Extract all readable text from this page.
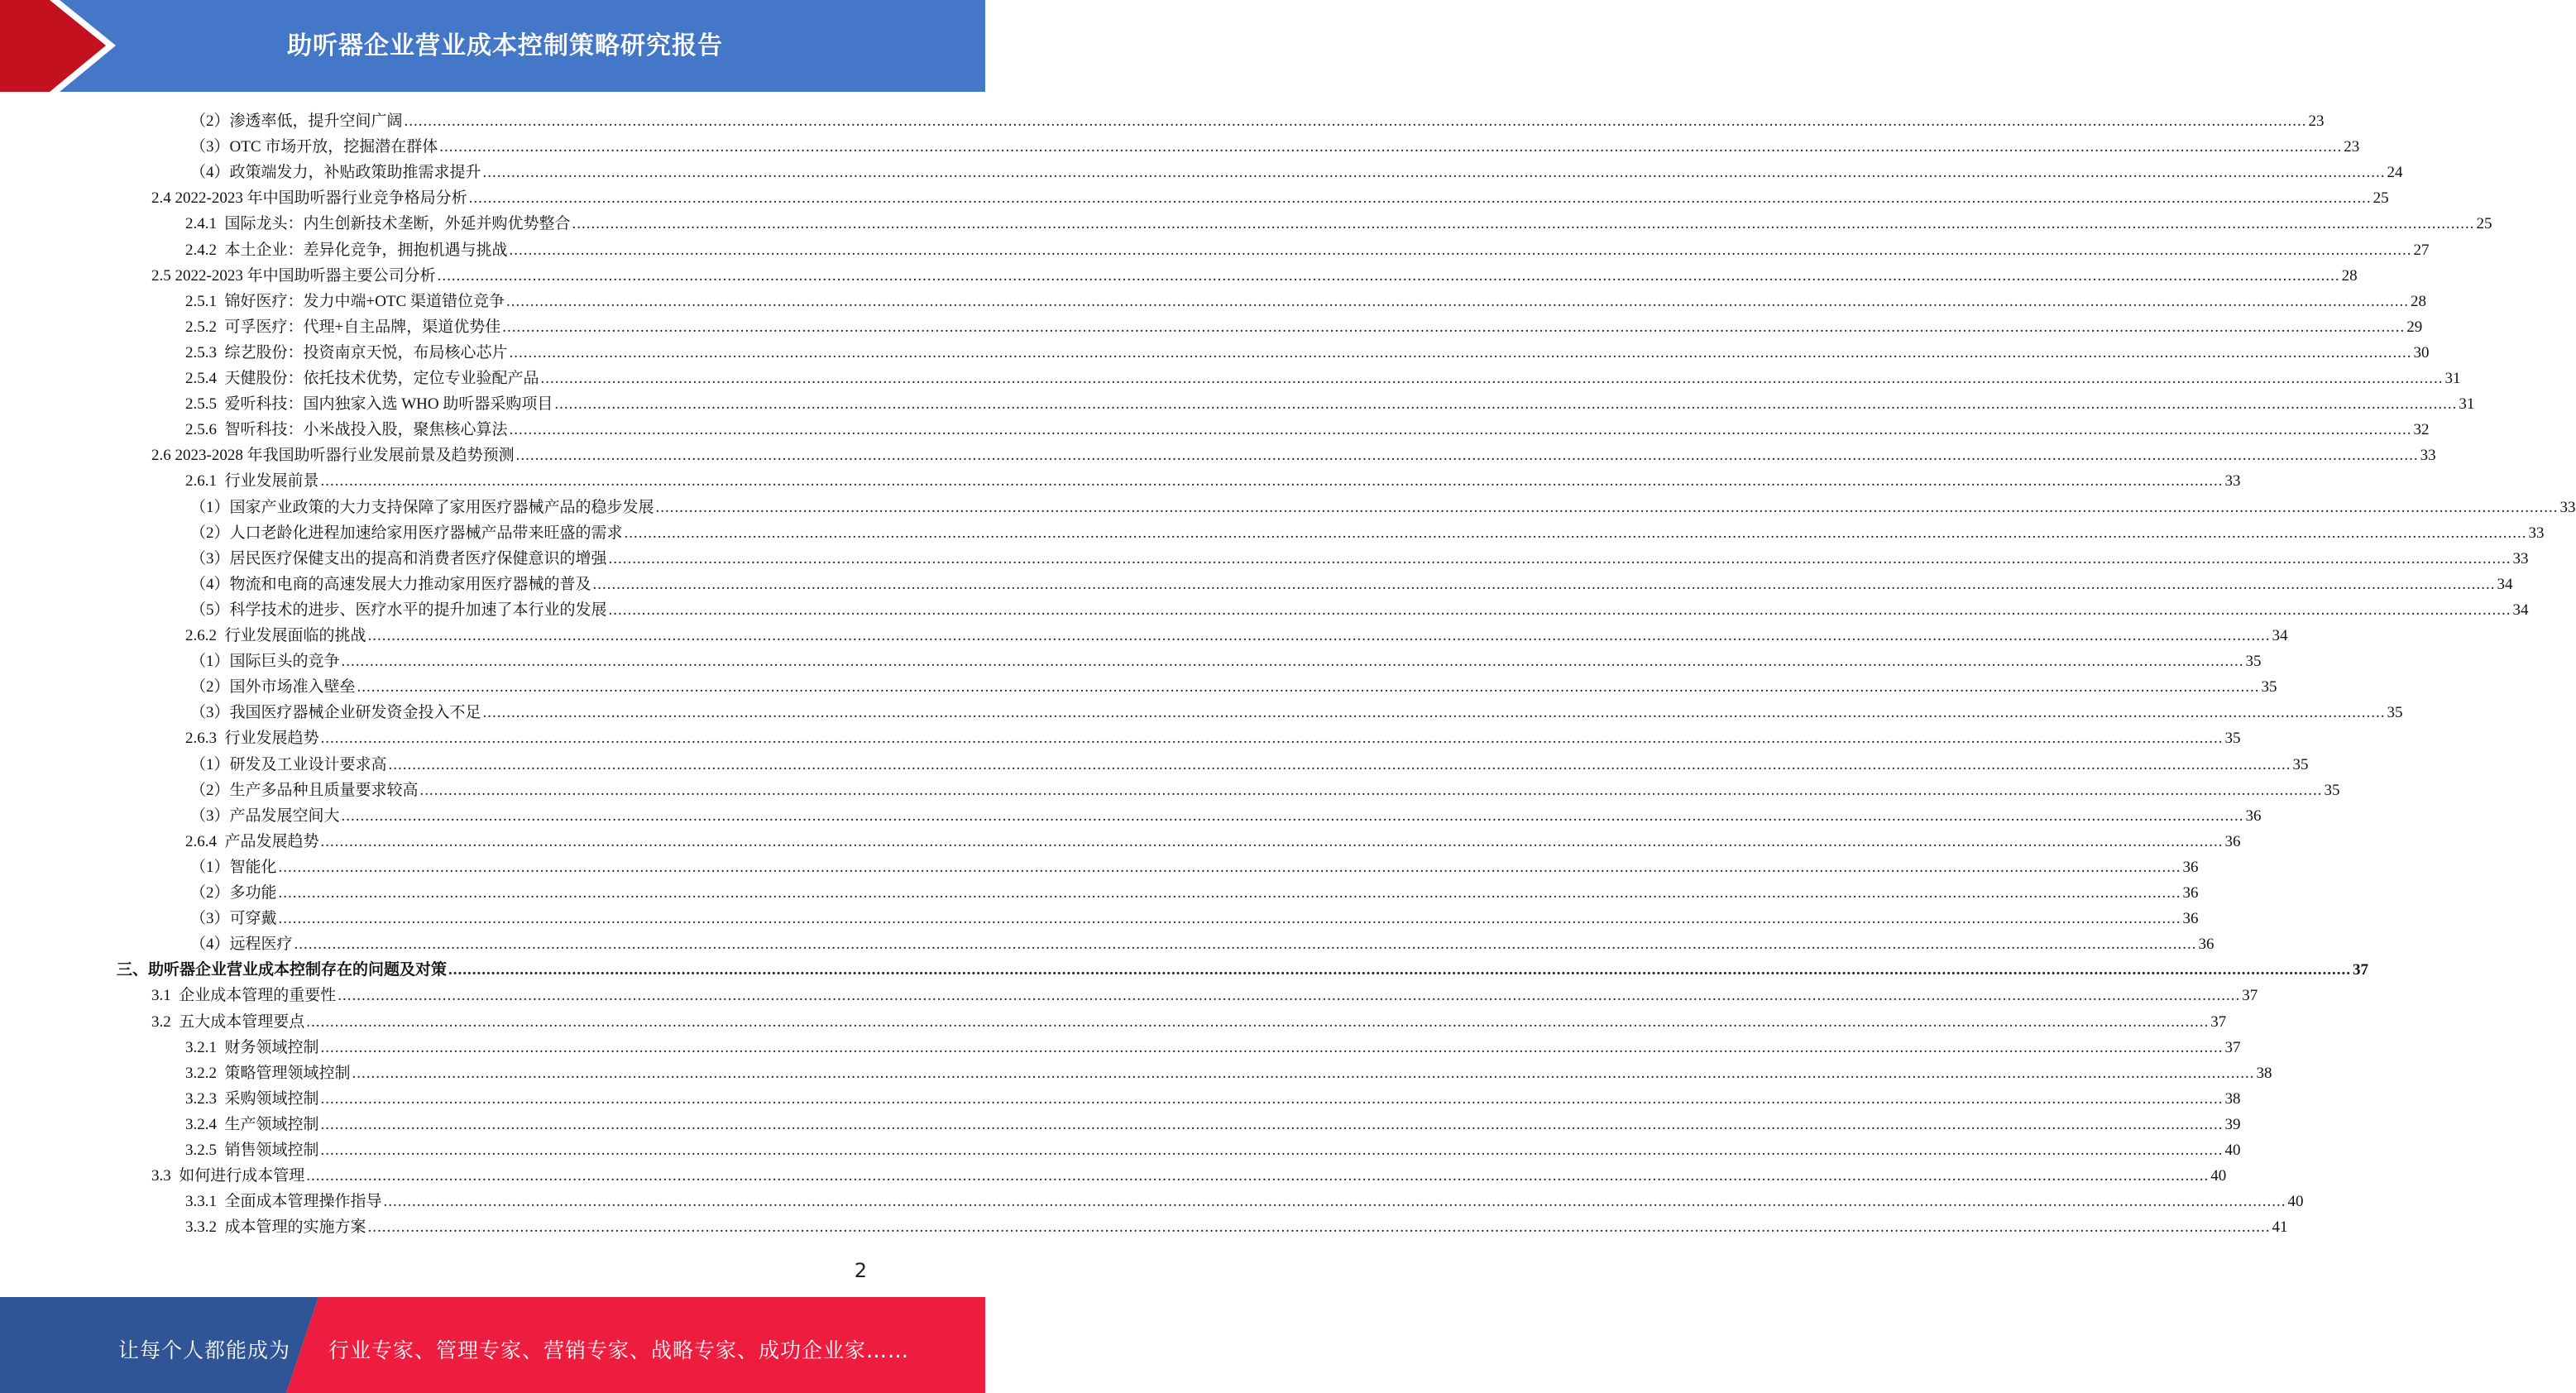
助听器企业营业成本控制策略研究报告
（2）渗透率低，提升空间广阔 ................................................................................................................................................................................................................................................................................................................................................................................................................ 23
（3）OTC 市场开放，挖掘潜在群体 ................................................................................................................................................................................................................................................................................................................................................................................................................ 23
（4）政策端发力，补贴政策助推需求提升 ................................................................................................................................................................................................................................................................................................................................................................................................................ 24
2.4 2022-2023 年中国助听器行业竞争格局分析 ................................................................................................................................................................................................................................................................................................................................................................................................................ 25
2.4.1  国际龙头：内生创新技术垄断，外延并购优势整合 ................................................................................................................................................................................................................................................................................................................................................................................................................ 25
2.4.2  本土企业：差异化竞争，拥抱机遇与挑战 ................................................................................................................................................................................................................................................................................................................................................................................................................ 27
2.5 2022-2023 年中国助听器主要公司分析 ................................................................................................................................................................................................................................................................................................................................................................................................................ 28
2.5.1  锦好医疗：发力中端+OTC 渠道错位竞争 ................................................................................................................................................................................................................................................................................................................................................................................................................ 28
2.5.2  可孚医疗：代理+自主品牌，渠道优势佳 ................................................................................................................................................................................................................................................................................................................................................................................................................ 29
2.5.3  综艺股份：投资南京天悦，布局核心芯片 ................................................................................................................................................................................................................................................................................................................................................................................................................ 30
2.5.4  天健股份：依托技术优势，定位专业验配产品 ................................................................................................................................................................................................................................................................................................................................................................................................................ 31
2.5.5  爱听科技：国内独家入选 WHO 助听器采购项目 ................................................................................................................................................................................................................................................................................................................................................................................................................ 31
2.5.6  智听科技：小米战投入股，聚焦核心算法 ................................................................................................................................................................................................................................................................................................................................................................................................................ 32
2.6 2023-2028 年我国助听器行业发展前景及趋势预测 ................................................................................................................................................................................................................................................................................................................................................................................................................ 33
2.6.1  行业发展前景 ................................................................................................................................................................................................................................................................................................................................................................................................................ 33
（1）国家产业政策的大力支持保障了家用医疗器械产品的稳步发展 ................................................................................................................................................................................................................................................................................................................................................................................................................ 33
（2）人口老龄化进程加速给家用医疗器械产品带来旺盛的需求 ................................................................................................................................................................................................................................................................................................................................................................................................................ 33
（3）居民医疗保健支出的提高和消费者医疗保健意识的增强 ................................................................................................................................................................................................................................................................................................................................................................................................................ 33
（4）物流和电商的高速发展大力推动家用医疗器械的普及 ................................................................................................................................................................................................................................................................................................................................................................................................................ 34
（5）科学技术的进步、医疗水平的提升加速了本行业的发展 ................................................................................................................................................................................................................................................................................................................................................................................................................ 34
2.6.2  行业发展面临的挑战 ................................................................................................................................................................................................................................................................................................................................................................................................................ 34
（1）国际巨头的竞争 ................................................................................................................................................................................................................................................................................................................................................................................................................ 35
（2）国外市场准入壁垒 ................................................................................................................................................................................................................................................................................................................................................................................................................ 35
（3）我国医疗器械企业研发资金投入不足 ................................................................................................................................................................................................................................................................................................................................................................................................................ 35
2.6.3  行业发展趋势 ................................................................................................................................................................................................................................................................................................................................................................................................................ 35
（1）研发及工业设计要求高 ................................................................................................................................................................................................................................................................................................................................................................................................................ 35
（2）生产多品种且质量要求较高 ................................................................................................................................................................................................................................................................................................................................................................................................................ 35
（3）产品发展空间大 ................................................................................................................................................................................................................................................................................................................................................................................................................ 36
2.6.4  产品发展趋势 ................................................................................................................................................................................................................................................................................................................................................................................................................ 36
（1）智能化 ................................................................................................................................................................................................................................................................................................................................................................................................................ 36
（2）多功能 ................................................................................................................................................................................................................................................................................................................................................................................................................ 36
（3）可穿戴 ................................................................................................................................................................................................................................................................................................................................................................................................................ 36
（4）远程医疗 ................................................................................................................................................................................................................................................................................................................................................................................................................ 36
三、助听器企业营业成本控制存在的问题及对策 ................................................................................................................................................................................................................................................................................................................................................................................................................ 37
3.1  企业成本管理的重要性 ................................................................................................................................................................................................................................................................................................................................................................................................................ 37
3.2  五大成本管理要点 ................................................................................................................................................................................................................................................................................................................................................................................................................ 37
3.2.1  财务领域控制 ................................................................................................................................................................................................................................................................................................................................................................................................................ 37
3.2.2  策略管理领域控制 ................................................................................................................................................................................................................................................................................................................................................................................................................ 38
3.2.3  采购领域控制 ................................................................................................................................................................................................................................................................................................................................................................................................................ 38
3.2.4  生产领域控制 ................................................................................................................................................................................................................................................................................................................................................................................................................ 39
3.2.5  销售领域控制 ................................................................................................................................................................................................................................................................................................................................................................................................................ 40
3.3  如何进行成本管理 ................................................................................................................................................................................................................................................................................................................................................................................................................ 40
3.3.1  全面成本管理操作指导 ................................................................................................................................................................................................................................................................................................................................................................................................................ 40
3.3.2  成本管理的实施方案 ................................................................................................................................................................................................................................................................................................................................................................................................................ 41
2
让每个人都能成为 行业专家、管理专家、营销专家、战略专家、成功企业家……
